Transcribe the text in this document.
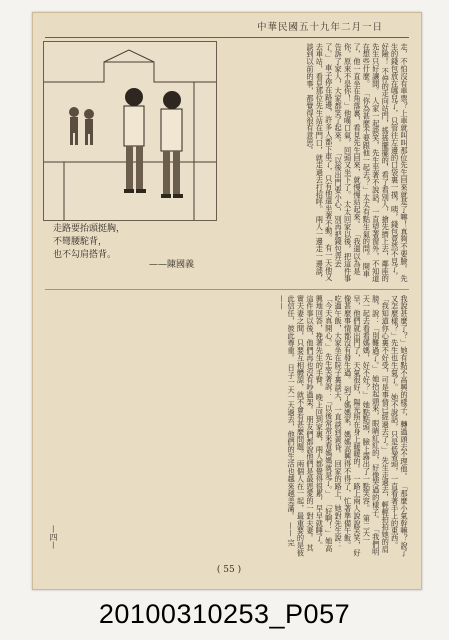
中華民國五十九年二月一日
走路要抬頭挺胸，
不彎腰駝背，
也不勾肩搭背。
——陳國義	走，不怕沒有車票？上車就叫叫那位先生回來就是了嘛！真夠不要臉。 先生的錢包放在哪兒了，只管往左邊的口袋裏一摸，咦，錢包竟然不見了，好險！ 不停的走向站門，搖搖擺擺的，看了看別人，搶先擠上去，鄰座的先生只好讓開。 人家一起談笑，先生坐著不說話，一直望著窗外，不知道在想些什麼。 「你為甚麼不要跟他一起去？」太太有點生氣的問。 開車了，他一直坐在角落裏，看見先生回來，就慢慢站起來。 「我還以為是你，原來不是你！」他嘆口氣，回頭又坐下了。 太太回家以後，把這件事告訴了家人，大家都笑了起來。 「以後出門要小心，別再把錢包弄丟了。」 車子停在路邊，許多人都下車了，只有他還坐著不動。 有一天他又去車站，看見那位先生站在門口，就走過去打招呼。 兩人一邊走一邊談，談到以前的事，都覺得很有意思。
我說甚麼了？」她有點不高興的樣子，轉過頭去不理他。 「那麼小氣幹嘛？說了又怎麼樣？」先生也生氣了。 她不說話，只是低著頭，一直看著手上的東西。 「我知道你心裏不好受，可是事情已經過去了。」 先生走過去，輕輕拍拍她的肩膀，說：「別難過了。」 她抬起頭來，眼睛紅紅的，好像哭過的樣子。 「我們明天一起去看看媽媽，好不好？」 她點點頭，臉上露出了一點笑容。 第二天一早，他們就出門了，天氣很好，陽光照在身上暖暖的。 一路上兩人說說笑笑，好像甚麼事情都沒有發生過。 到了媽媽家，媽媽高興得不得了，忙著準備午飯。 吃過午飯，大家坐在院子裏談天，一直談到黃昏。 回家的路上，她對先生說：「今天真開心。」 先生笑著說：「以後常常來看媽媽就是了。」 「好啊！」她高興地回答，挽著先生的手臂。 晚上回到家裏，兩人都覺得很累，早早就睡了。 這件事以後，他們再也沒有吵過架。 朋友們都說他們是最恩愛的一對夫妻。 其實夫妻之間，只要互相體諒，就不會有甚麼問題。 兩個人在一起，最重要的是彼此信任，彼此尊重。 日子一天一天過去，他們的生活也越來越美滿。 —— 完 ——
—四—
( 55 )
20100310253_P057
